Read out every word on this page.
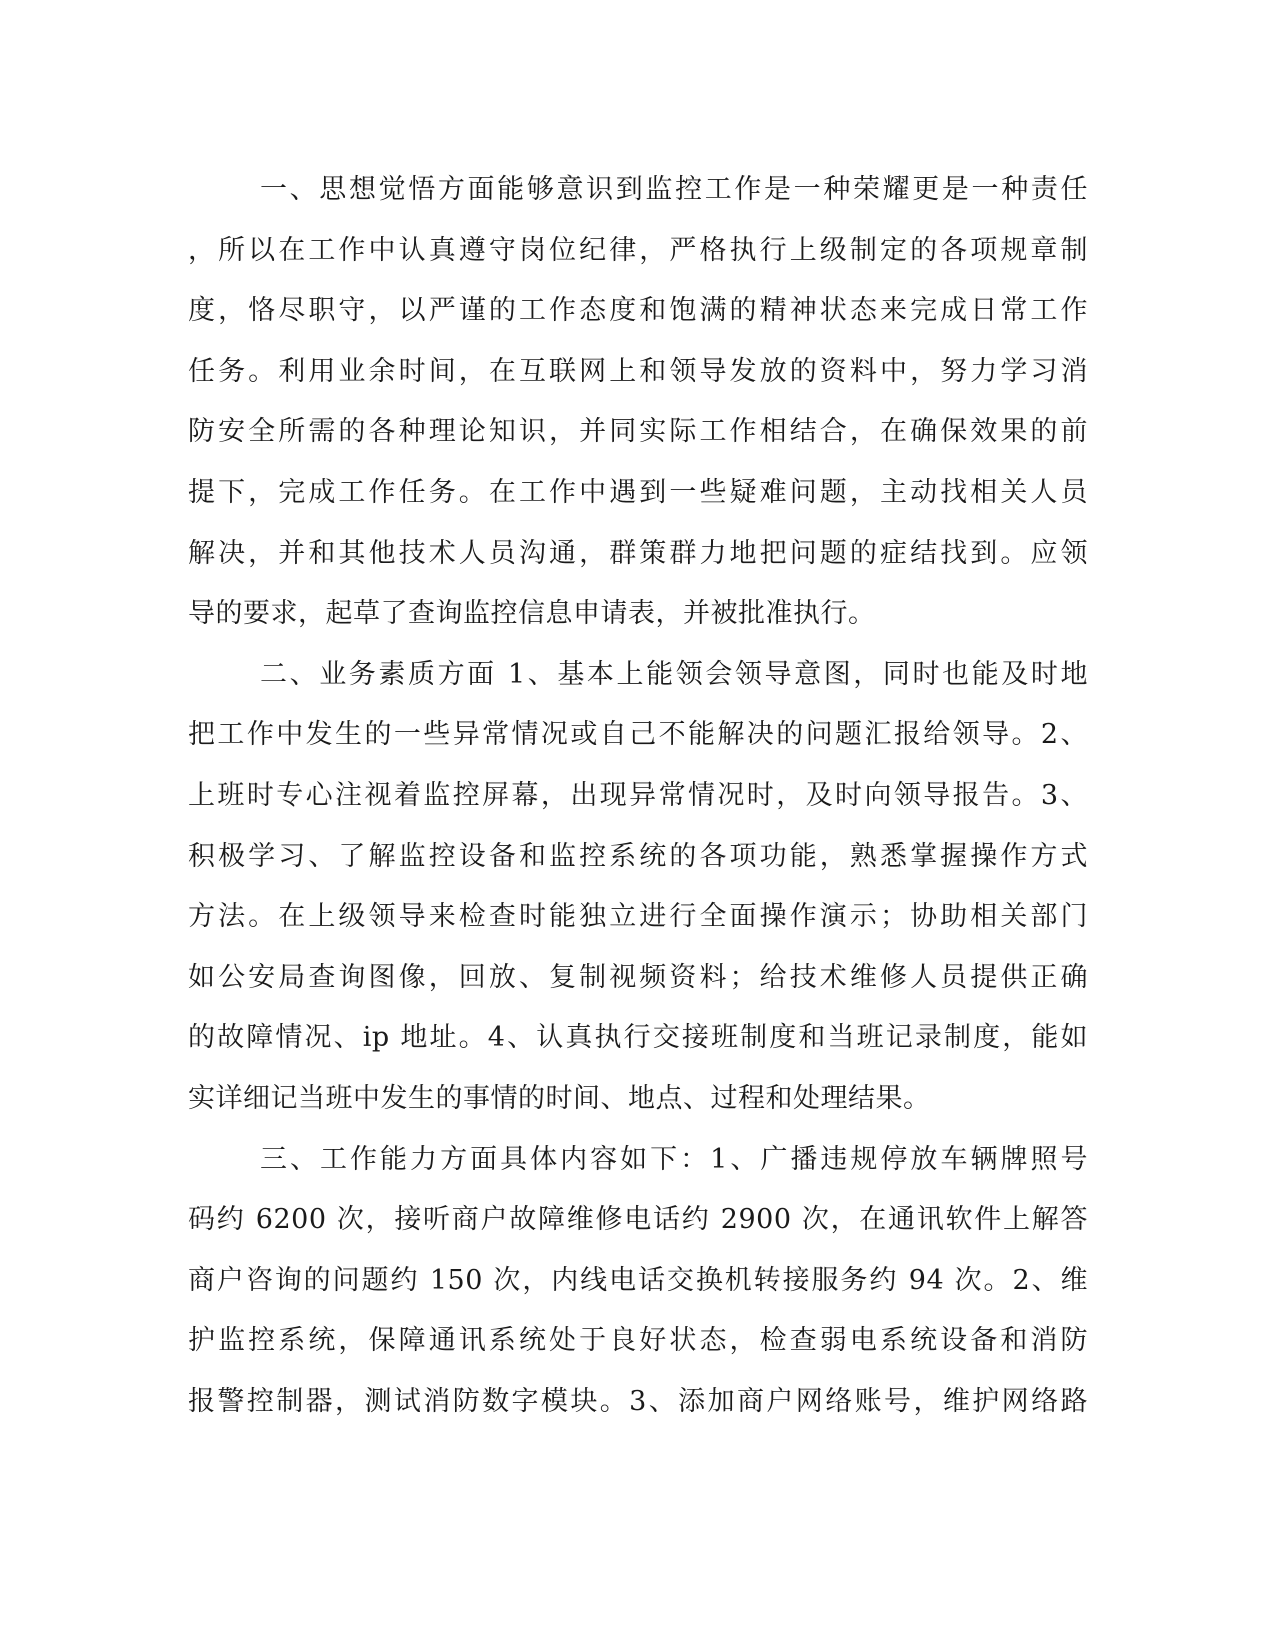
一、思想觉悟方面能够意识到监控工作是一种荣耀更是一种责任
，所以在工作中认真遵守岗位纪律，严格执行上级制定的各项规章制
度，恪尽职守，以严谨的工作态度和饱满的精神状态来完成日常工作
任务。利用业余时间，在互联网上和领导发放的资料中，努力学习消
防安全所需的各种理论知识，并同实际工作相结合，在确保效果的前
提下，完成工作任务。在工作中遇到一些疑难问题，主动找相关人员
解决，并和其他技术人员沟通，群策群力地把问题的症结找到。应领
导的要求，起草了查询监控信息申请表，并被批准执行。
二、业务素质方面 1、基本上能领会领导意图，同时也能及时地
把工作中发生的一些异常情况或自己不能解决的问题汇报给领导。2、
上班时专心注视着监控屏幕，出现异常情况时，及时向领导报告。3、
积极学习、了解监控设备和监控系统的各项功能，熟悉掌握操作方式
方法。在上级领导来检查时能独立进行全面操作演示；协助相关部门
如公安局查询图像，回放、复制视频资料；给技术维修人员提供正确
的故障情况、ip 地址。4、认真执行交接班制度和当班记录制度，能如
实详细记当班中发生的事情的时间、地点、过程和处理结果。
三、工作能力方面具体内容如下：1、广播违规停放车辆牌照号
码约 6200 次，接听商户故障维修电话约 2900 次，在通讯软件上解答
商户咨询的问题约 150 次，内线电话交换机转接服务约 94 次。2、维
护监控系统，保障通讯系统处于良好状态，检查弱电系统设备和消防
报警控制器，测试消防数字模块。3、添加商户网络账号，维护网络路
